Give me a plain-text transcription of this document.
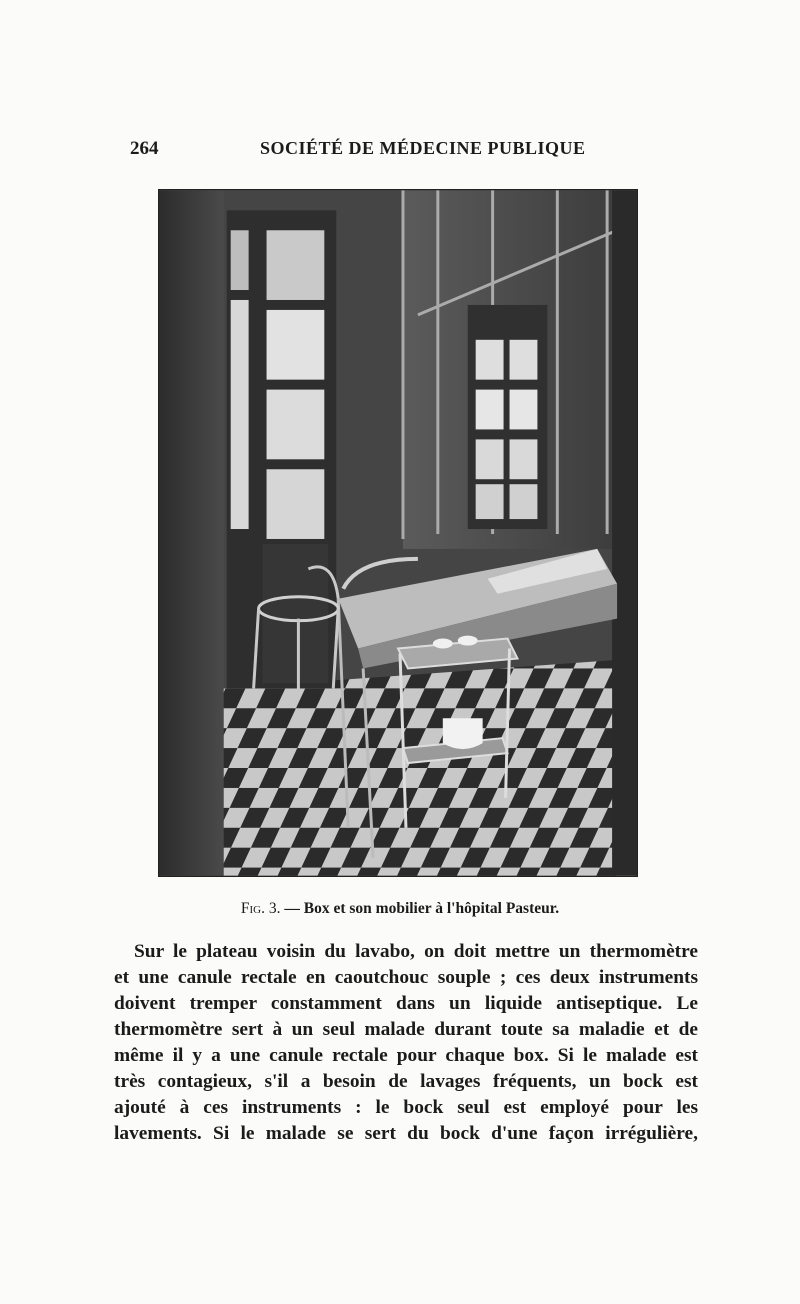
264	SOCIÉTÉ DE MÉDECINE PUBLIQUE
Fig. 3. — Box et son mobilier à l'hôpital Pasteur.
Sur le plateau voisin du lavabo, on doit mettre un thermomètre
et une canule rectale en caoutchouc souple ; ces deux instruments
doivent tremper constamment dans un liquide antiseptique. Le
thermomètre sert à un seul malade durant toute sa maladie et de
même il y a une canule rectale pour chaque box. Si le malade est
très contagieux, s'il a besoin de lavages fréquents, un bock est
ajouté à ces instruments : le bock seul est employé pour les
lavements. Si le malade se sert du bock d'une façon irrégulière,
